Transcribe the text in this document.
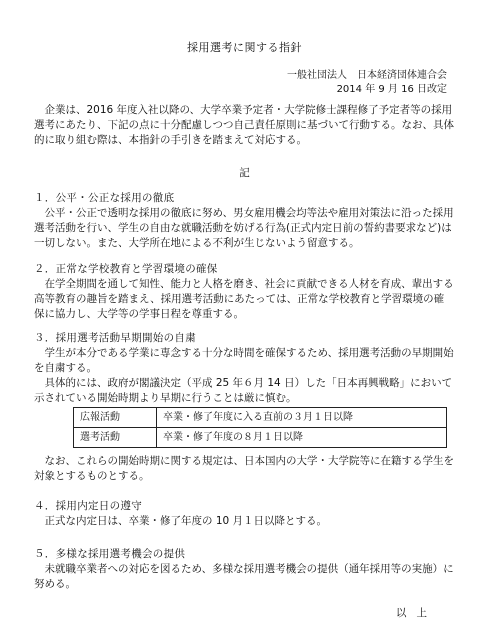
採用選考に関する指針
一般社団法人　日本経済団体連合会
2014 年 9 月 16 日改定

企業は、2016 年度入社以降の、大学卒業予定者・大学院修士課程修了予定者等の採用選考にあたり、下記の点に十分配慮しつつ自己責任原則に基づいて行動する。なお、具体的に取り組む際は、本指針の手引きを踏まえて対応する。

記
１．公平・公正な採用の徹底

公平・公正で透明な採用の徹底に努め、男女雇用機会均等法や雇用対策法に沿った採用選考活動を行い、学生の自由な就職活動を妨げる行為(正式内定日前の誓約書要求など)は一切しない。また、大学所在地による不利が生じないよう留意する。

２．正常な学校教育と学習環境の確保

在学全期間を通して知性、能力と人格を磨き、社会に貢献できる人材を育成、輩出する高等教育の趣旨を踏まえ、採用選考活動にあたっては、正常な学校教育と学習環境の確保に協力し、大学等の学事日程を尊重する。

３．採用選考活動早期開始の自粛

学生が本分である学業に専念する十分な時間を確保するため、採用選考活動の早期開始を自粛する。

具体的には、政府が閣議決定（平成 25 年６月 14 日）した「日本再興戦略」において示されている開始時期より早期に行うことは厳に慎む。

広報活動	卒業・修了年度に入る直前の３月１日以降
選考活動	卒業・修了年度の８月１日以降

なお、これらの開始時期に関する規定は、日本国内の大学・大学院等に在籍する学生を対象とするものとする。

４．採用内定日の遵守

正式な内定日は、卒業・修了年度の 10 月１日以降とする。

５．多様な採用選考機会の提供

未就職卒業者への対応を図るため、多様な採用選考機会の提供（通年採用等の実施）に努める。

以上
